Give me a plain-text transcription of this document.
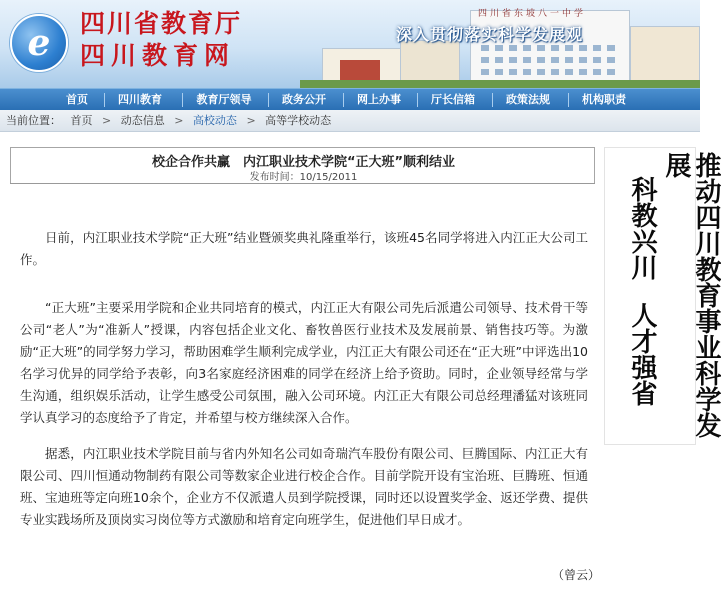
e	四川省教育厅
四川教育网
四川省东坡八一中学
深入贯彻落实科学发展观
首页	四川教育	教育厅领导	政务公开	网上办事	厅长信箱	政策法规	机构职责
当前位置： 首页 > 动态信息 > 高校动态 > 高等学校动态
校企合作共赢　内江职业技术学院“正大班”顺利结业
发布时间：10/15/2011

日前，内江职业技术学院“正大班”结业暨颁奖典礼隆重举行，该班45名同学将进入内江正大公司工作。

“正大班”主要采用学院和企业共同培育的模式，内江正大有限公司先后派遣公司领导、技术骨干等公司“老人”为“准新人”授课，内容包括企业文化、畜牧兽医行业技术及发展前景、销售技巧等。为激励“正大班”的同学努力学习，帮助困难学生顺利完成学业，内江正大有限公司还在“正大班”中评选出10名学习优异的同学给予表彰，向3名家庭经济困难的同学在经济上给予资助。同时，企业领导经常与学生沟通，组织娱乐活动，让学生感受公司氛围，融入公司环境。内江正大有限公司总经理潘猛对该班同学认真学习的态度给予了肯定，并希望与校方继续深入合作。

据悉，内江职业技术学院目前与省内外知名公司如奇瑞汽车股份有限公司、巨腾国际、内江正大有限公司、四川恒通动物制药有限公司等数家企业进行校企合作。目前学院开设有宝治班、巨腾班、恒通班、宝迪班等定向班10余个，企业方不仅派遣人员到学院授课，同时还以设置奖学金、返还学费、提供专业实践场所及顶岗实习岗位等方式激励和培育定向班学生，促进他们早日成才。

（曾云）
推动四川教育事业科学发展
科教兴川人才强省
